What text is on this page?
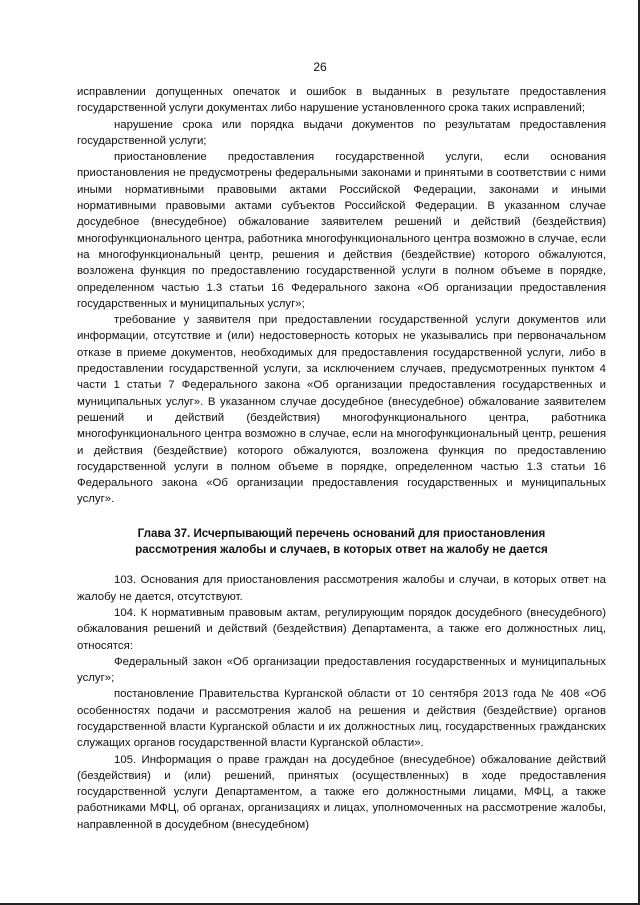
26

исправлении допущенных опечаток и ошибок в выданных в результате предоставления государственной услуги документах либо нарушение установленного срока таких исправлений;

нарушение срока или порядка выдачи документов по результатам предоставления государственной услуги;

приостановление предоставления государственной услуги, если основания приостановления не предусмотрены федеральными законами и принятыми в соответствии с ними иными нормативными правовыми актами Российской Федерации, законами и иными нормативными правовыми актами субъектов Российской Федерации. В указанном случае досудебное (внесудебное) обжалование заявителем решений и действий (бездействия) многофункционального центра, работника многофункционального центра возможно в случае, если на многофункциональный центр, решения и действия (бездействие) которого обжалуются, возложена функция по предоставлению государственной услуги в полном объеме в порядке, определенном частью 1.3 статьи 16 Федерального закона «Об организации предоставления государственных и муниципальных услуг»;

требование у заявителя при предоставлении государственной услуги документов или информации, отсутствие и (или) недостоверность которых не указывались при первоначальном отказе в приеме документов, необходимых для предоставления государственной услуги, либо в предоставлении государственной услуги, за исключением случаев, предусмотренных пунктом 4 части 1 статьи 7 Федерального закона «Об организации предоставления государственных и муниципальных услуг». В указанном случае досудебное (внесудебное) обжалование заявителем решений и действий (бездействия) многофункционального центра, работника многофункционального центра возможно в случае, если на многофункциональный центр, решения и действия (бездействие) которого обжалуются, возложена функция по предоставлению государственной услуги в полном объеме в порядке, определенном частью 1.3 статьи 16 Федерального закона «Об организации предоставления государственных и муниципальных услуг».

Глава 37. Исчерпывающий перечень оснований для приостановления
рассмотрения жалобы и случаев, в которых ответ на жалобу не дается

103. Основания для приостановления рассмотрения жалобы и случаи, в которых ответ на жалобу не дается, отсутствуют.

104. К нормативным правовым актам, регулирующим порядок досудебного (внесудебного) обжалования решений и действий (бездействия) Департамента, а также его должностных лиц, относятся:

Федеральный закон «Об организации предоставления государственных и муниципальных услуг»;

постановление Правительства Курганской области от 10 сентября 2013 года № 408 «Об особенностях подачи и рассмотрения жалоб на решения и действия (бездействие) органов государственной власти Курганской области и их должностных лиц, государственных гражданских служащих органов государственной власти Курганской области».

105. Информация о праве граждан на досудебное (внесудебное) обжалование действий (бездействия) и (или) решений, принятых (осуществленных) в ходе предоставления государственной услуги Департаментом, а также его должностными лицами, МФЦ, а также работниками МФЦ, об органах, организациях и лицах, уполномоченных на рассмотрение жалобы, направленной в досудебном (внесудебном)
